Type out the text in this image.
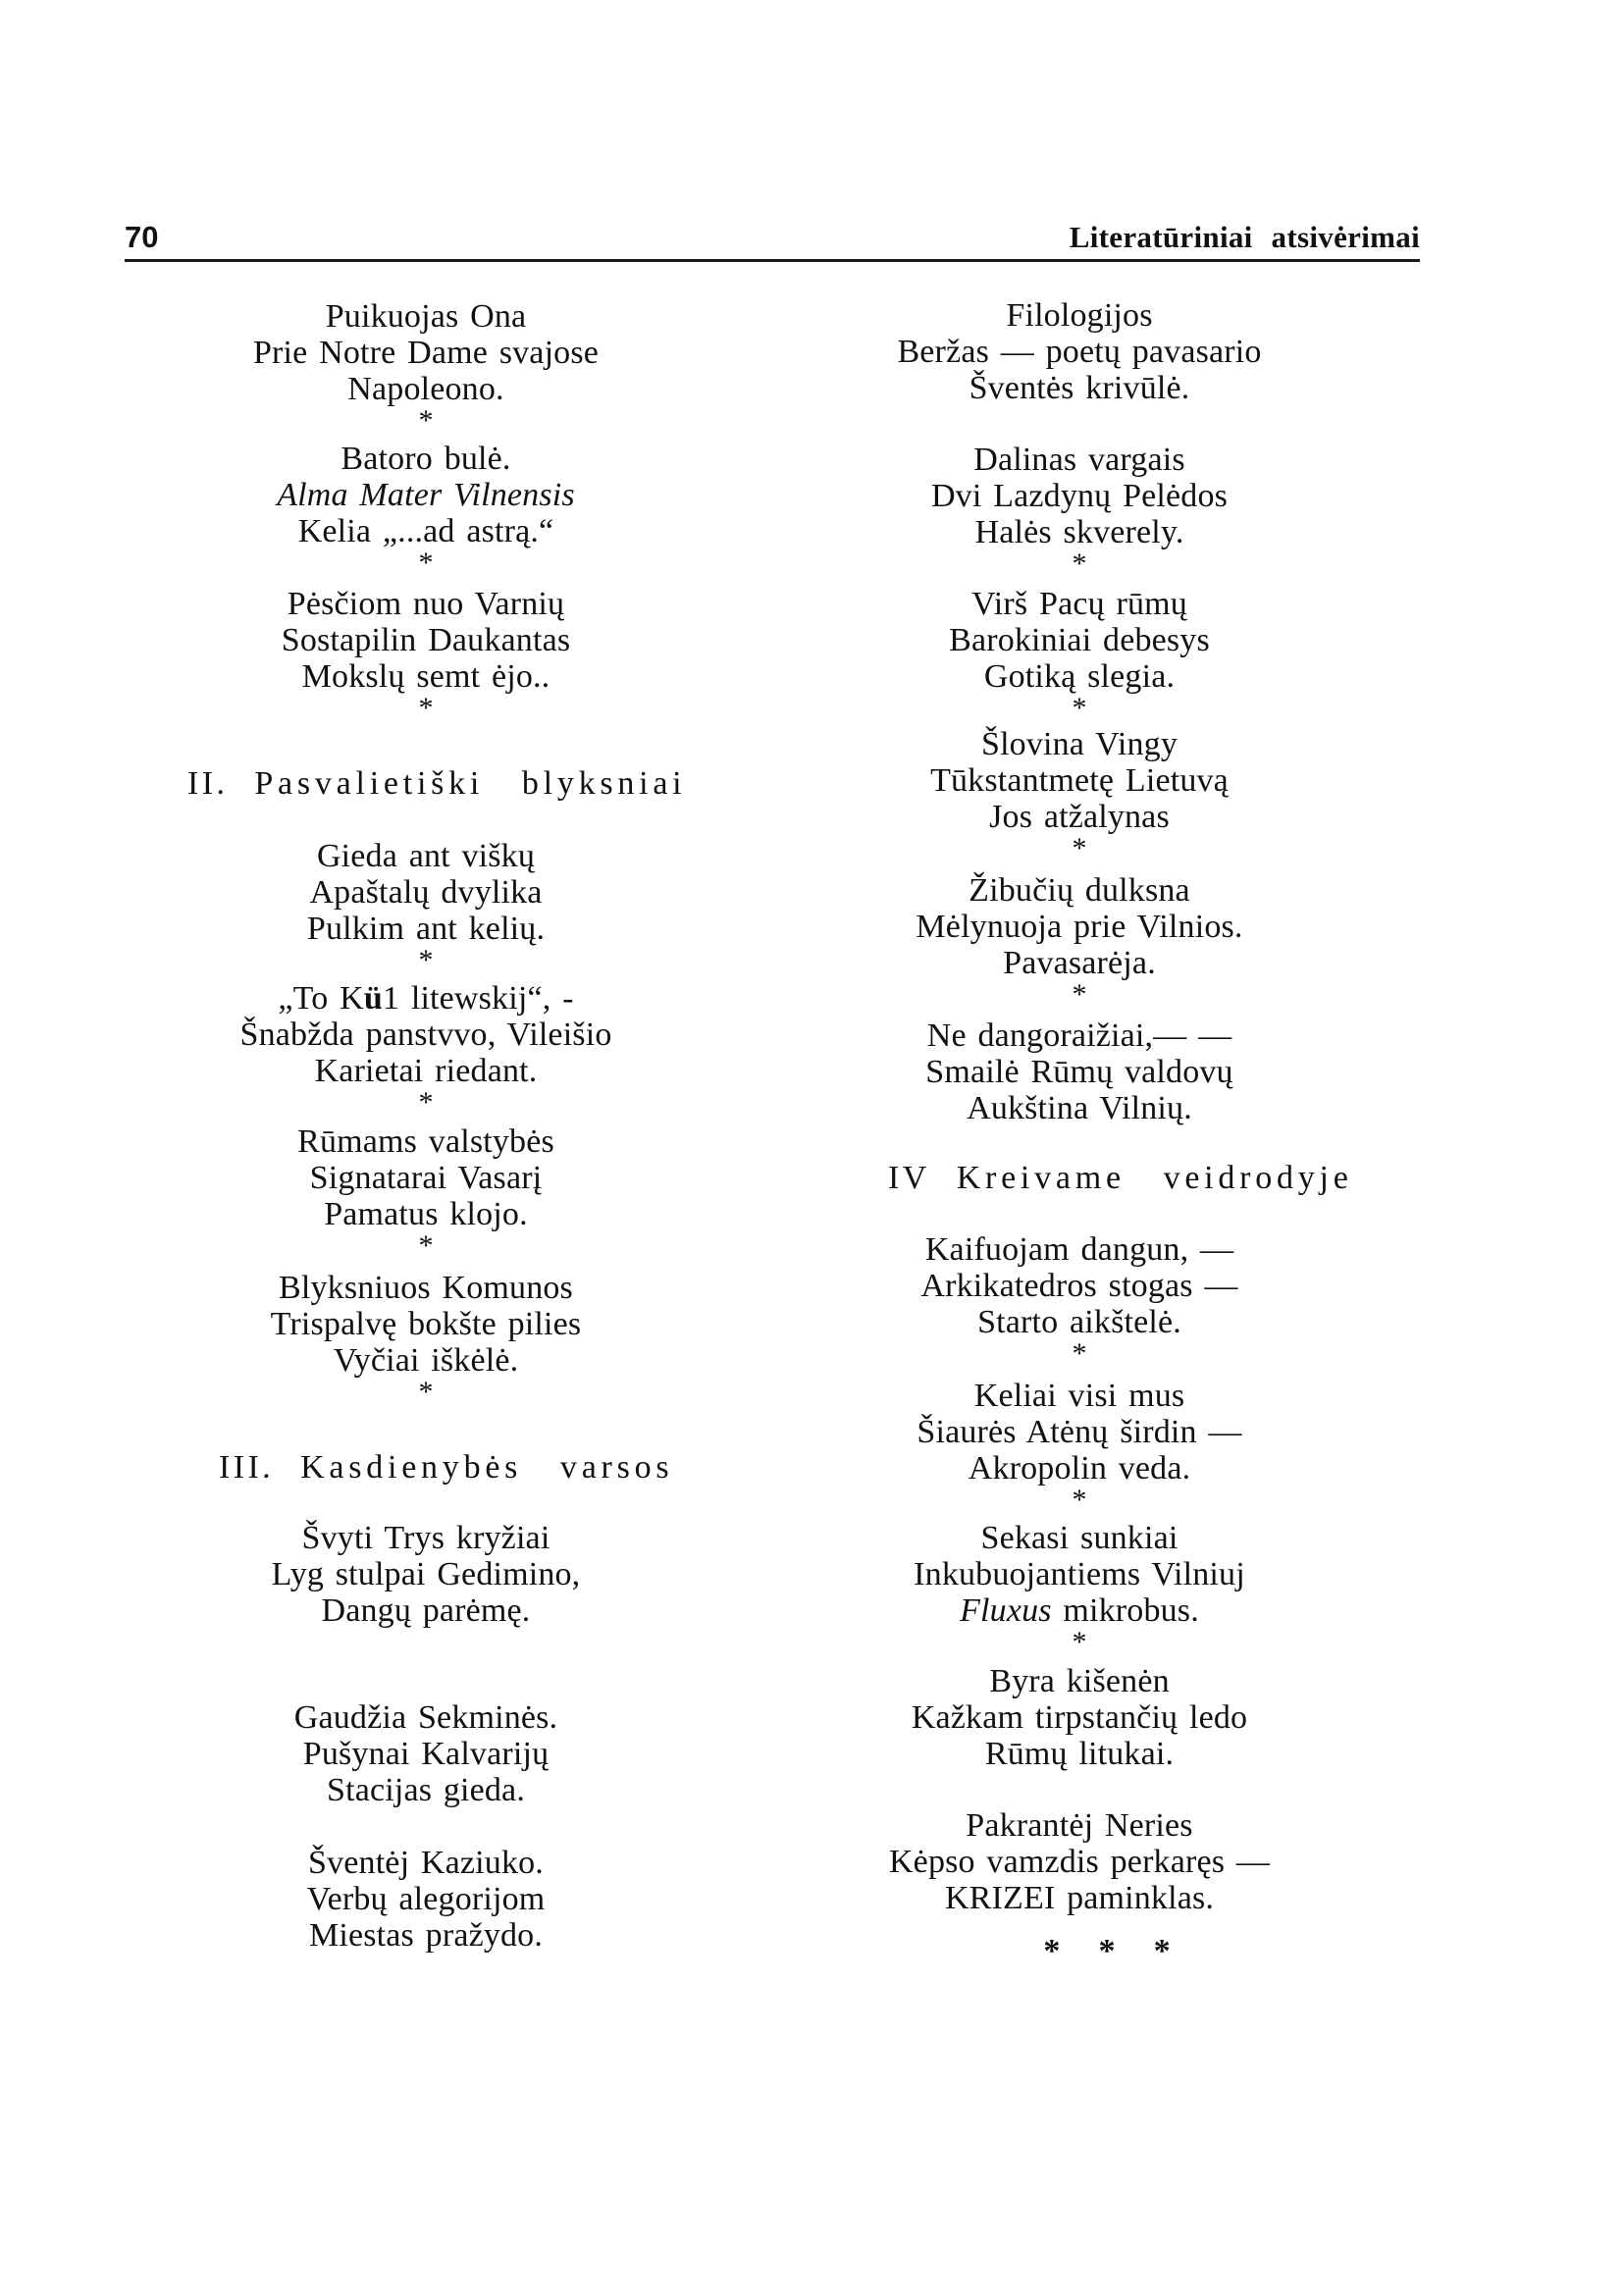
70	Literatūriniai atsivėrimai

Puikuojas Ona

Prie Notre Dame svajose

Napoleono.

*

Batoro bulė.

Alma Mater Vilnensis

Kelia „...ad astrą.“

*

Pėsčiom nuo Varnių

Sostapilin Daukantas

Mokslų semt ėjo..

*
II. Pasvalietiški blyksniai

Gieda ant viškų

Apaštalų dvylika

Pulkim ant kelių.

*

„To Kü1 litewskij“, -

Šnabžda panstvvo, Vileišio

Karietai riedant.

*

Rūmams valstybės

Signatarai Vasarį

Pamatus klojo.

*

Blyksniuos Komunos

Trispalvę bokšte pilies

Vyčiai iškėlė.

*
III. Kasdienybės varsos

Švyti Trys kryžiai

Lyg stulpai Gedimino,

Dangų parėmę.

Gaudžia Sekminės.

Pušynai Kalvarijų

Stacijas gieda.

Šventėj Kaziuko.

Verbų alegorijom

Miestas pražydo.

Filologijos

Beržas — poetų pavasario

Šventės krivūlė.

Dalinas vargais

Dvi Lazdynų Pelėdos

Halės skverely.

*

Virš Pacų rūmų

Barokiniai debesys

Gotiką slegia.

*

Šlovina Vingy

Tūkstantmetę Lietuvą

Jos atžalynas

*

Žibučių dulksna

Mėlynuoja prie Vilnios.

Pavasarėja.

*

Ne dangoraižiai,— —

Smailė Rūmų valdovų

Aukština Vilnių.

IV Kreivame veidrodyje

Kaifuojam dangun, —

Arkikatedros stogas —

Starto aikštelė.

*

Keliai visi mus

Šiaurės Atėnų širdin —

Akropolin veda.

*

Sekasi sunkiai

Inkubuojantiems Vilniuj

Fluxus mikrobus.

*

Byra kišenėn

Kažkam tirpstančių ledo

Rūmų litukai.

Pakrantėj Neries

Kėpso vamzdis perkaręs —

KRIZEI paminklas.

* * *
